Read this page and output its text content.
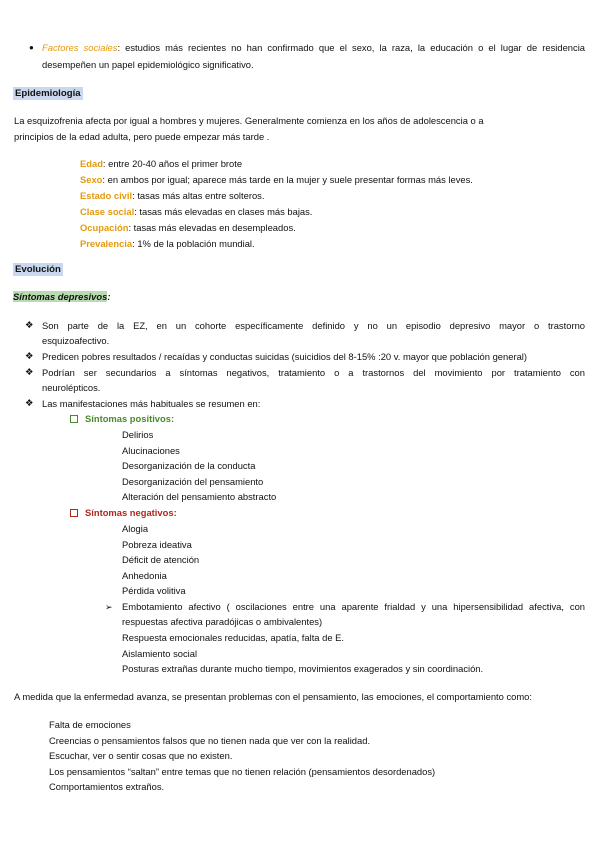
● Factores sociales: estudios más recientes no han confirmado que el sexo, la raza, la educación o el lugar de residencia
desempeñen un papel epidemiológico significativo.
Epidemiología
La esquizofrenia afecta por igual a hombres y mujeres. Generalmente comienza en los años de adolescencia o a
principios de la edad adulta, pero puede empezar más tarde .
Edad: entre 20-40 años el primer brote
Sexo: en ambos por igual; aparece más tarde en la mujer y suele presentar formas más leves.
Estado civil: tasas más altas entre solteros.
Clase social: tasas más elevadas en clases más bajas.
Ocupación: tasas más elevadas en desempleados.
Prevalencia: 1% de la población mundial.
Evolución
Síntomas depresivos:
❖ Son parte de la EZ, en un cohorte específicamente definido y no un episodio depresivo mayor o trastorno
esquizoafectivo.
❖ Predicen pobres resultados / recaídas y conductas suicidas (suicidios del 8-15% :20 v. mayor que población general)
❖ Podrían ser secundarios a síntomas negativos, tratamiento o a trastornos del movimiento por tratamiento con
neurolépticos.
❖ Las manifestaciones más habituales se resumen en:
Síntomas positivos:
Delirios
Alucinaciones
Desorganización de la conducta
Desorganización del pensamiento
Alteración del pensamiento abstracto
Síntomas negativos:
Alogia
Pobreza ideativa
Déficit de atención
Anhedonia
Pérdida volitiva
➢ Embotamiento afectivo ( oscilaciones entre una aparente frialdad y una hipersensibilidad afectiva, con
respuestas afectiva paradójicas o ambivalentes)
Respuesta emocionales reducidas, apatía, falta de E.
Aislamiento social
Posturas extrañas durante mucho tiempo, movimientos exagerados y sin coordinación.
A medida que la enfermedad avanza, se presentan problemas con el pensamiento, las emociones, el comportamiento como:
Falta de emociones
Creencias o pensamientos falsos que no tienen nada que ver con la realidad.
Escuchar, ver o sentir cosas que no existen.
Los pensamientos “saltan” entre temas que no tienen relación (pensamientos desordenados)
Comportamientos extraños.
